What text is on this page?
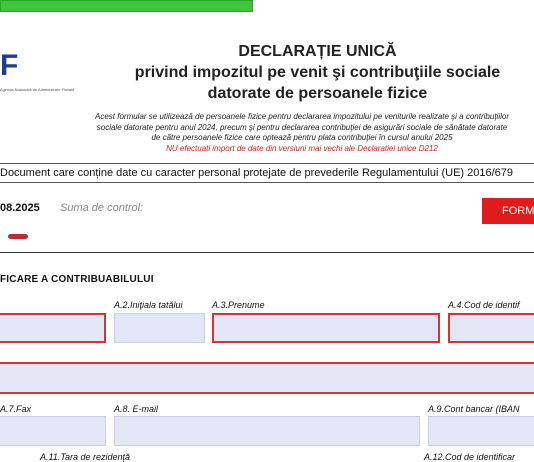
F
Agenția Națională de Administrare Fiscală
DECLARAȚIE UNICĂ
privind impozitul pe venit şi contribuţiile sociale
datorate de persoanele fizice
Acest formular se utilizează de persoanele fizice pentru declararea impozitului pe veniturile realizate şi a contribuţiilor
sociale datorate pentru anul 2024, precum şi pentru declararea contribuţiei de asigurări sociale de sănătate datorate
de către persoanele fizice care optează pentru plata contribuţiei în cursul anului 2025
NU efectuati import de date din versiuni mai vechi ale Declaratiei unice D212
Document care conține date cu caracter personal protejate de prevederile Regulamentului (UE) 2016/679
08.2025 Suma de control:	FORM
FICARE A CONTRIBUABILULUI
A.2.Iniţiala tatălui	A.3.Prenume	A.4.Cod de identif
A.7.Fax	A.8. E-mail	A.9.Cont bancar (IBAN
A.11.Tara de rezidență	A.12.Cod de identificar
